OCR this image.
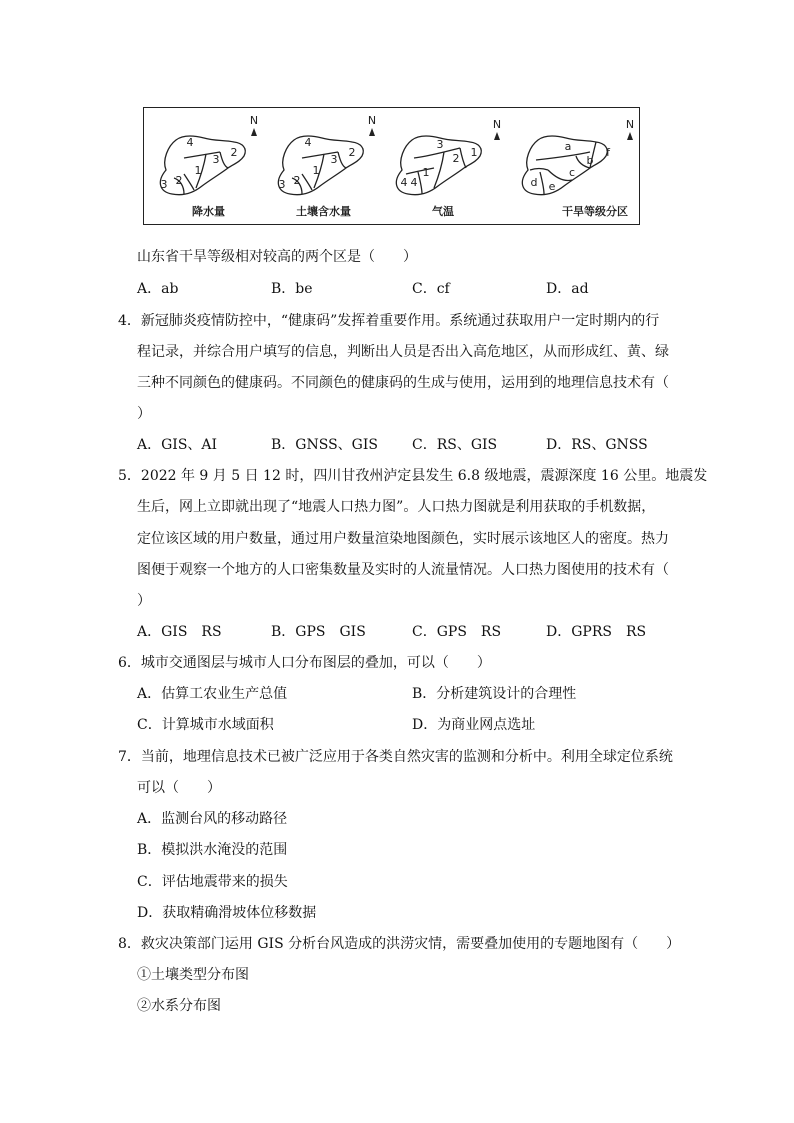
4
3
2
1
3 2
4
3
2
1
3 2
3
2
1
4 4
1	a
b
f
c
d e
N	N	N	N
降水量	土壤含水量	气温	干旱等级分区
山东省干旱等级相对较高的两个区是（　　）
A．ab	B．be	C．cf	D．ad
4．新冠肺炎疫情防控中，“健康码”发挥着重要作用。系统通过获取用户一定时期内的行
程记录，并综合用户填写的信息，判断出人员是否出入高危地区，从而形成红、黄、绿
三种不同颜色的健康码。不同颜色的健康码的生成与使用，运用到的地理信息技术有（
）
A．GIS、AI	B．GNSS、GIS C．RS、GIS	D．RS、GNSS
5．2022 年 9 月 5 日 12 时，四川甘孜州泸定县发生 6.8 级地震，震源深度 16 公里。地震发
生后，网上立即就出现了“地震人口热力图”。人口热力图就是利用获取的手机数据，
定位该区域的用户数量，通过用户数量渲染地图颜色，实时展示该地区人的密度。热力
图便于观察一个地方的人口密集数量及实时的人流量情况。人口热力图使用的技术有（
）
A．GIS　RS	B．GPS　GIS	C．GPS　RS	D．GPRS　RS
6．城市交通图层与城市人口分布图层的叠加，可以（　　）
A．估算工农业生产总值	B．分析建筑设计的合理性
C．计算城市水域面积	D．为商业网点选址
7．当前，地理信息技术已被广泛应用于各类自然灾害的监测和分析中。利用全球定位系统
可以（　　）
A．监测台风的移动路径
B．模拟洪水淹没的范围
C．评估地震带来的损失
D．获取精确滑坡体位移数据
8．救灾决策部门运用 GIS 分析台风造成的洪涝灾情，需要叠加使用的专题地图有（　　）
①土壤类型分布图
②水系分布图
